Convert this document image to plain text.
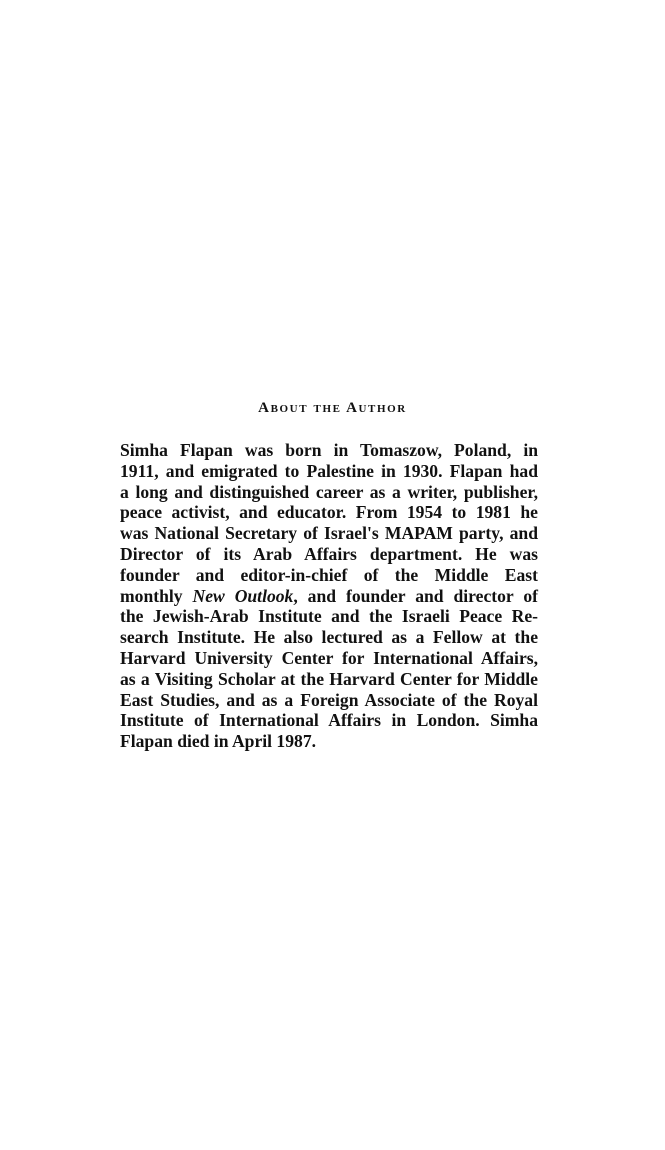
About the Author
Simha Flapan was born in Tomaszow, Poland, in
1911, and emigrated to Palestine in 1930. Flapan had
a long and distinguished career as a writer, publisher,
peace activist, and educator. From 1954 to 1981 he
was National Secretary of Israel's MAPAM party, and
Director of its Arab Affairs department. He was
founder and editor-in-chief of the Middle East
monthly New Outlook, and founder and director of
the Jewish-Arab Institute and the Israeli Peace Re-
search Institute. He also lectured as a Fellow at the
Harvard University Center for International Affairs,
as a Visiting Scholar at the Harvard Center for Middle
East Studies, and as a Foreign Associate of the Royal
Institute of International Affairs in London. Simha
Flapan died in April 1987.
